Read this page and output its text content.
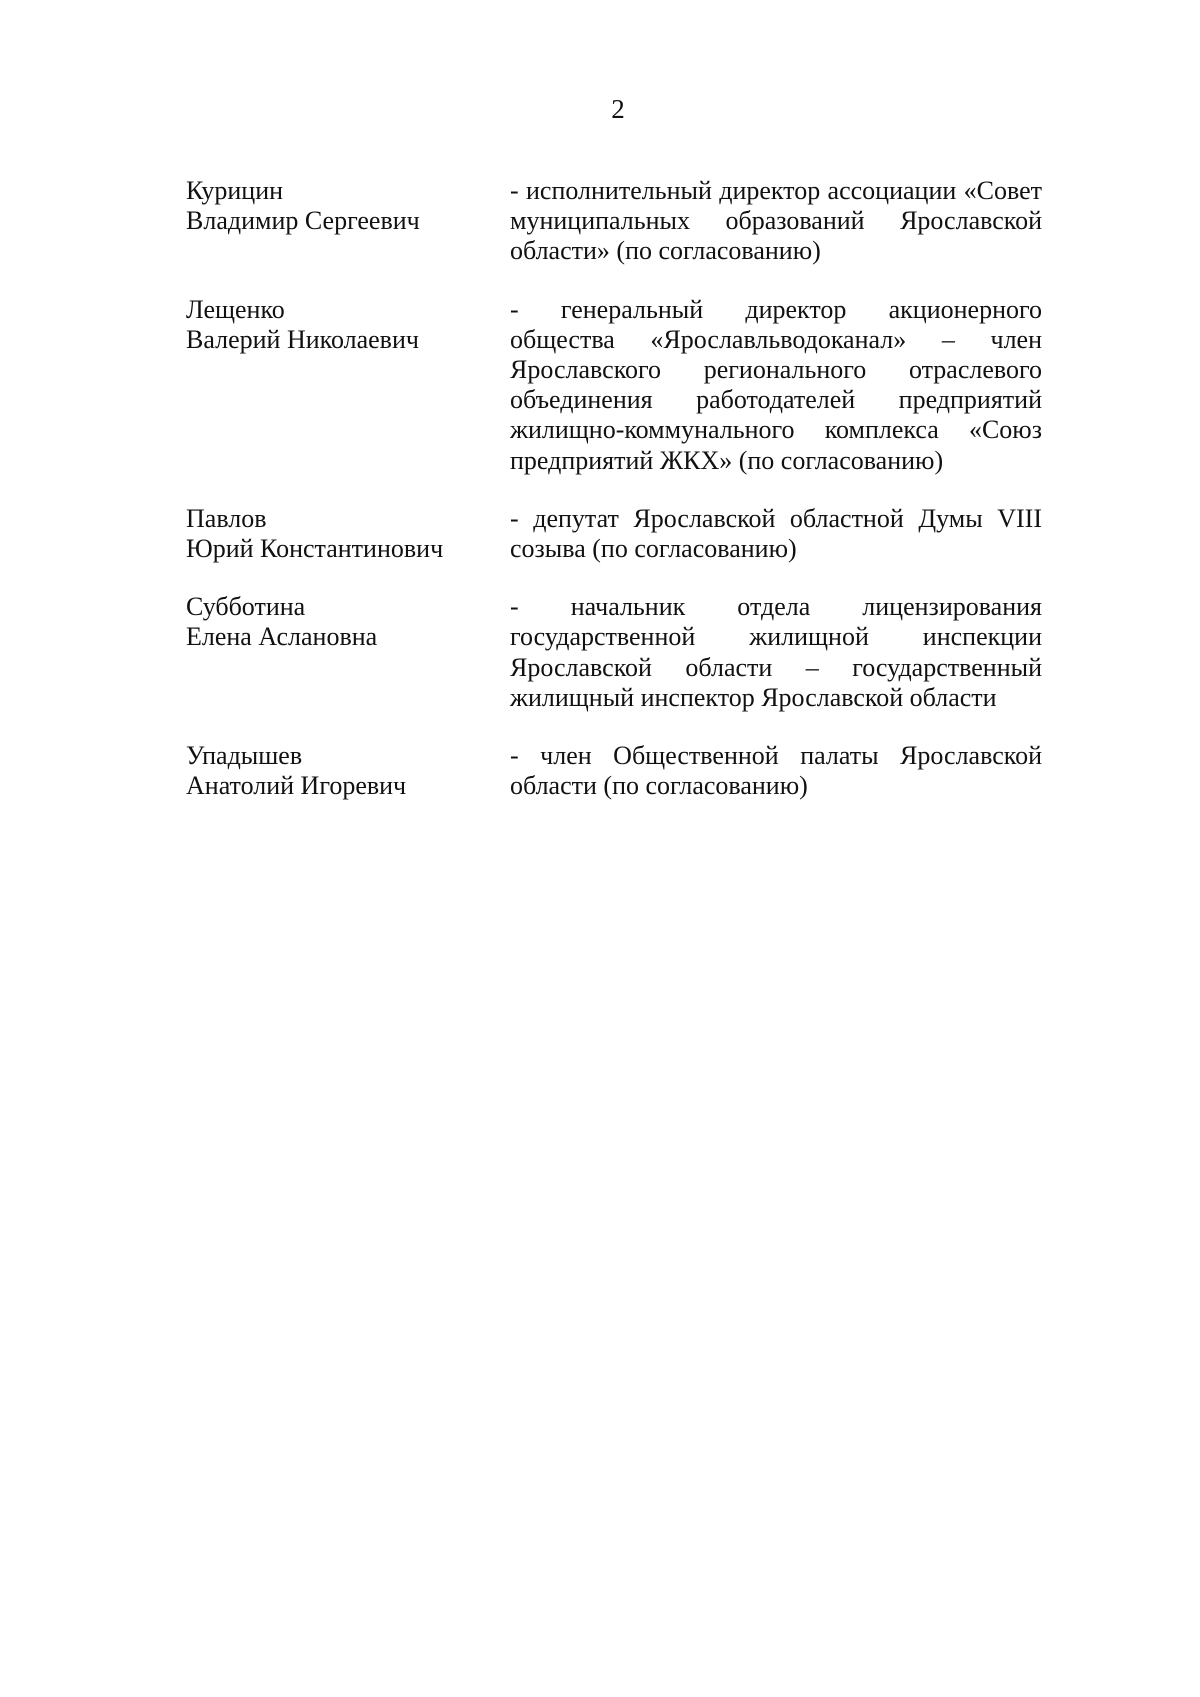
2
Курицин
Владимир Сергеевич
- исполнительный директор ассоциации «Совет муниципальных образований Ярославской области» (по согласованию)
Лещенко
Валерий Николаевич
- генеральный директор акционерного общества «Ярославльводоканал» – член Ярославского регионального отраслевого объединения работодателей предприятий жилищно-коммунального комплекса «Союз предприятий ЖКХ» (по согласованию)
Павлов
Юрий Константинович
- депутат Ярославской областной Думы VIII созыва (по согласованию)
Субботина
Елена Аслановна
- начальник отдела лицензирования государственной жилищной инспекции Ярославской области – государственный жилищный инспектор Ярославской области
Упадышев
Анатолий Игоревич
- член Общественной палаты Ярославской области (по согласованию)
